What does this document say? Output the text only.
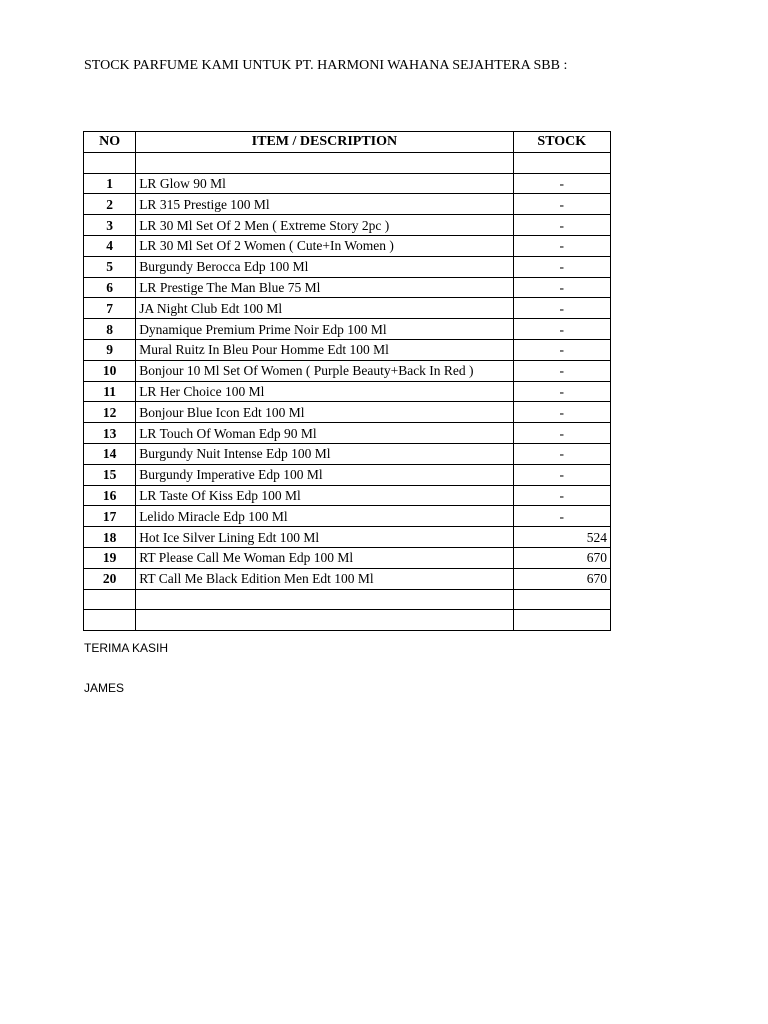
STOCK PARFUME KAMI UNTUK PT. HARMONI WAHANA SEJAHTERA SBB :
NO	ITEM / DESCRIPTION	STOCK

1	LR Glow 90 Ml	-
2	LR 315 Prestige 100 Ml	-
3	LR 30 Ml Set Of 2 Men ( Extreme Story 2pc )	-
4	LR 30 Ml Set Of 2 Women ( Cute+In Women )	-
5	Burgundy Berocca Edp 100 Ml	-
6	LR Prestige The Man Blue 75 Ml	-
7	JA Night Club Edt 100 Ml	-
8	Dynamique Premium Prime Noir Edp 100 Ml	-
9	Mural Ruitz In Bleu Pour Homme Edt 100 Ml	-
10	Bonjour 10 Ml Set Of Women ( Purple Beauty+Back In Red )	-
11	LR Her Choice 100 Ml	-
12	Bonjour Blue Icon Edt 100 Ml	-
13	LR Touch Of Woman Edp 90 Ml	-
14	Burgundy Nuit Intense Edp 100 Ml	-
15	Burgundy Imperative Edp 100 Ml	-
16	LR Taste Of Kiss Edp 100 Ml	-
17	Lelido Miracle Edp 100 Ml	-
18	Hot Ice Silver Lining Edt 100 Ml	524
19	RT Please Call Me Woman Edp 100 Ml	670
20	RT Call Me Black Edition Men Edt 100 Ml	670

TERIMA KASIH
JAMES
